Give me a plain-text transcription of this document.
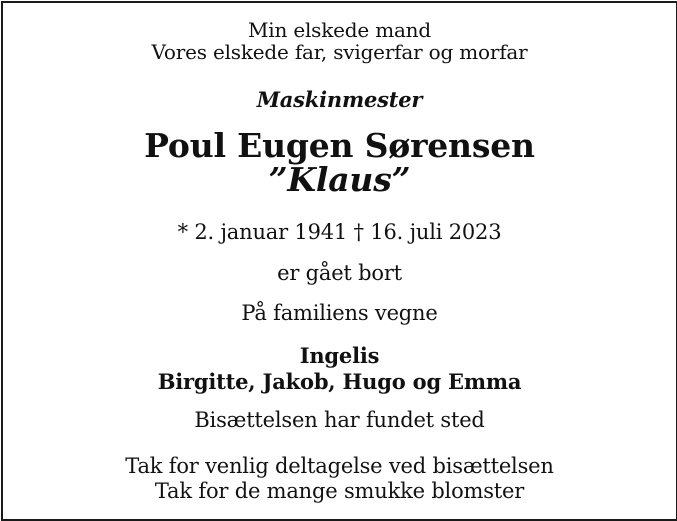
Min elskede mand
Vores elskede far, svigerfar og morfar
Maskinmester
Poul Eugen Sørensen
”Klaus”
* 2. januar 1941 † 16. juli 2023
er gået bort
På familiens vegne
Ingelis
Birgitte, Jakob, Hugo og Emma
Bisættelsen har fundet sted
Tak for venlig deltagelse ved bisættelsen
Tak for de mange smukke blomster
